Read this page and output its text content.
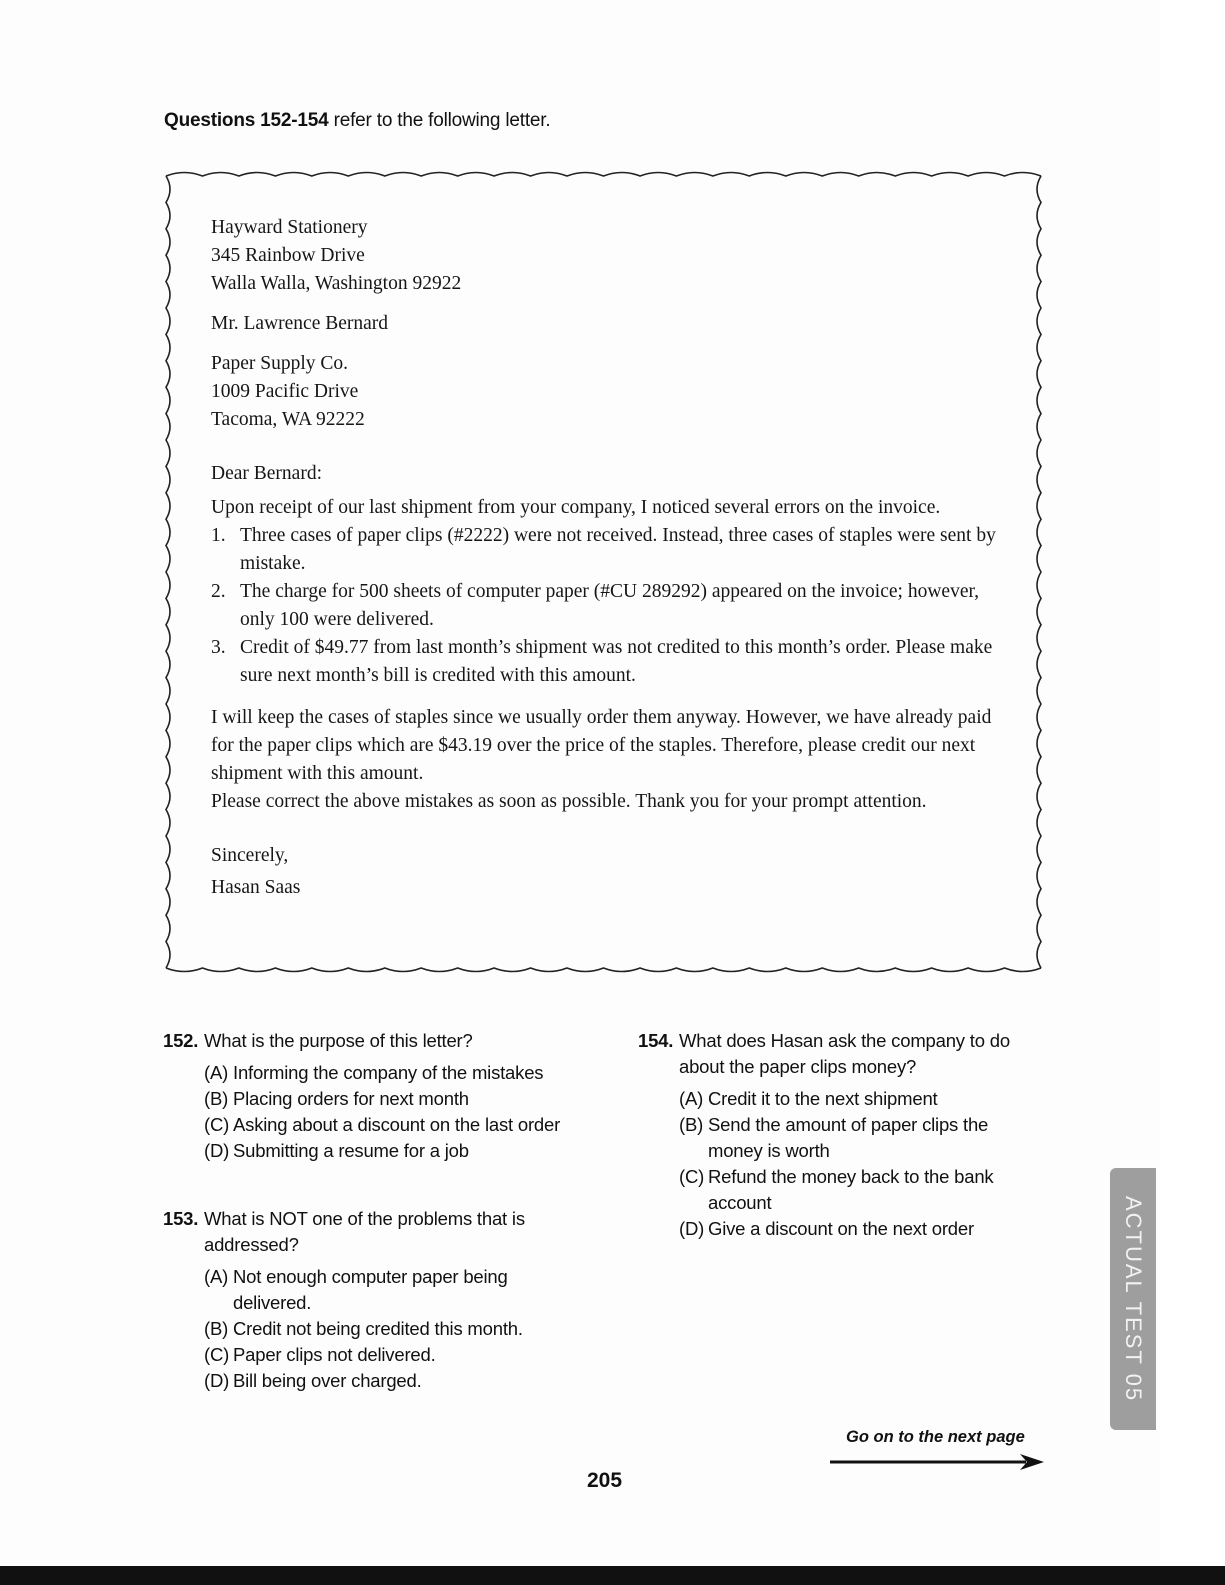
Questions 152-154 refer to the following letter.
Hayward Stationery
345 Rainbow Drive
Walla Walla, Washington 92922
Mr. Lawrence Bernard
Paper Supply Co.
1009 Pacific Drive
Tacoma, WA 92222
Dear Bernard:
Upon receipt of our last shipment from your company, I noticed several errors on the invoice.
1. Three cases of paper clips (#2222) were not received. Instead, three cases of staples were sent by mistake.
2. The charge for 500 sheets of computer paper (#CU 289292) appeared on the invoice; however, only 100 were delivered.
3. Credit of $49.77 from last month’s shipment was not credited to this month’s order. Please make sure next month’s bill is credited with this amount.
I will keep the cases of staples since we usually order them anyway. However, we have already paid for the paper clips which are $43.19 over the price of the staples. Therefore, please credit our next shipment with this amount.
Please correct the above mistakes as soon as possible. Thank you for your prompt attention.
Sincerely,
Hasan Saas
152. What is the purpose of this letter?
(A) Informing the company of the mistakes
(B) Placing orders for next month
(C) Asking about a discount on the last order
(D) Submitting a resume for a job
153. What is NOT one of the problems that is addressed?
(A) Not enough computer paper being delivered.
(B) Credit not being credited this month.
(C) Paper clips not delivered.
(D) Bill being over charged.
154. What does Hasan ask the company to do about the paper clips money?
(A) Credit it to the next shipment
(B) Send the amount of paper clips the money is worth
(C) Refund the money back to the bank account
(D) Give a discount on the next order	ACTUAL TEST 05
Go on to the next page
205
